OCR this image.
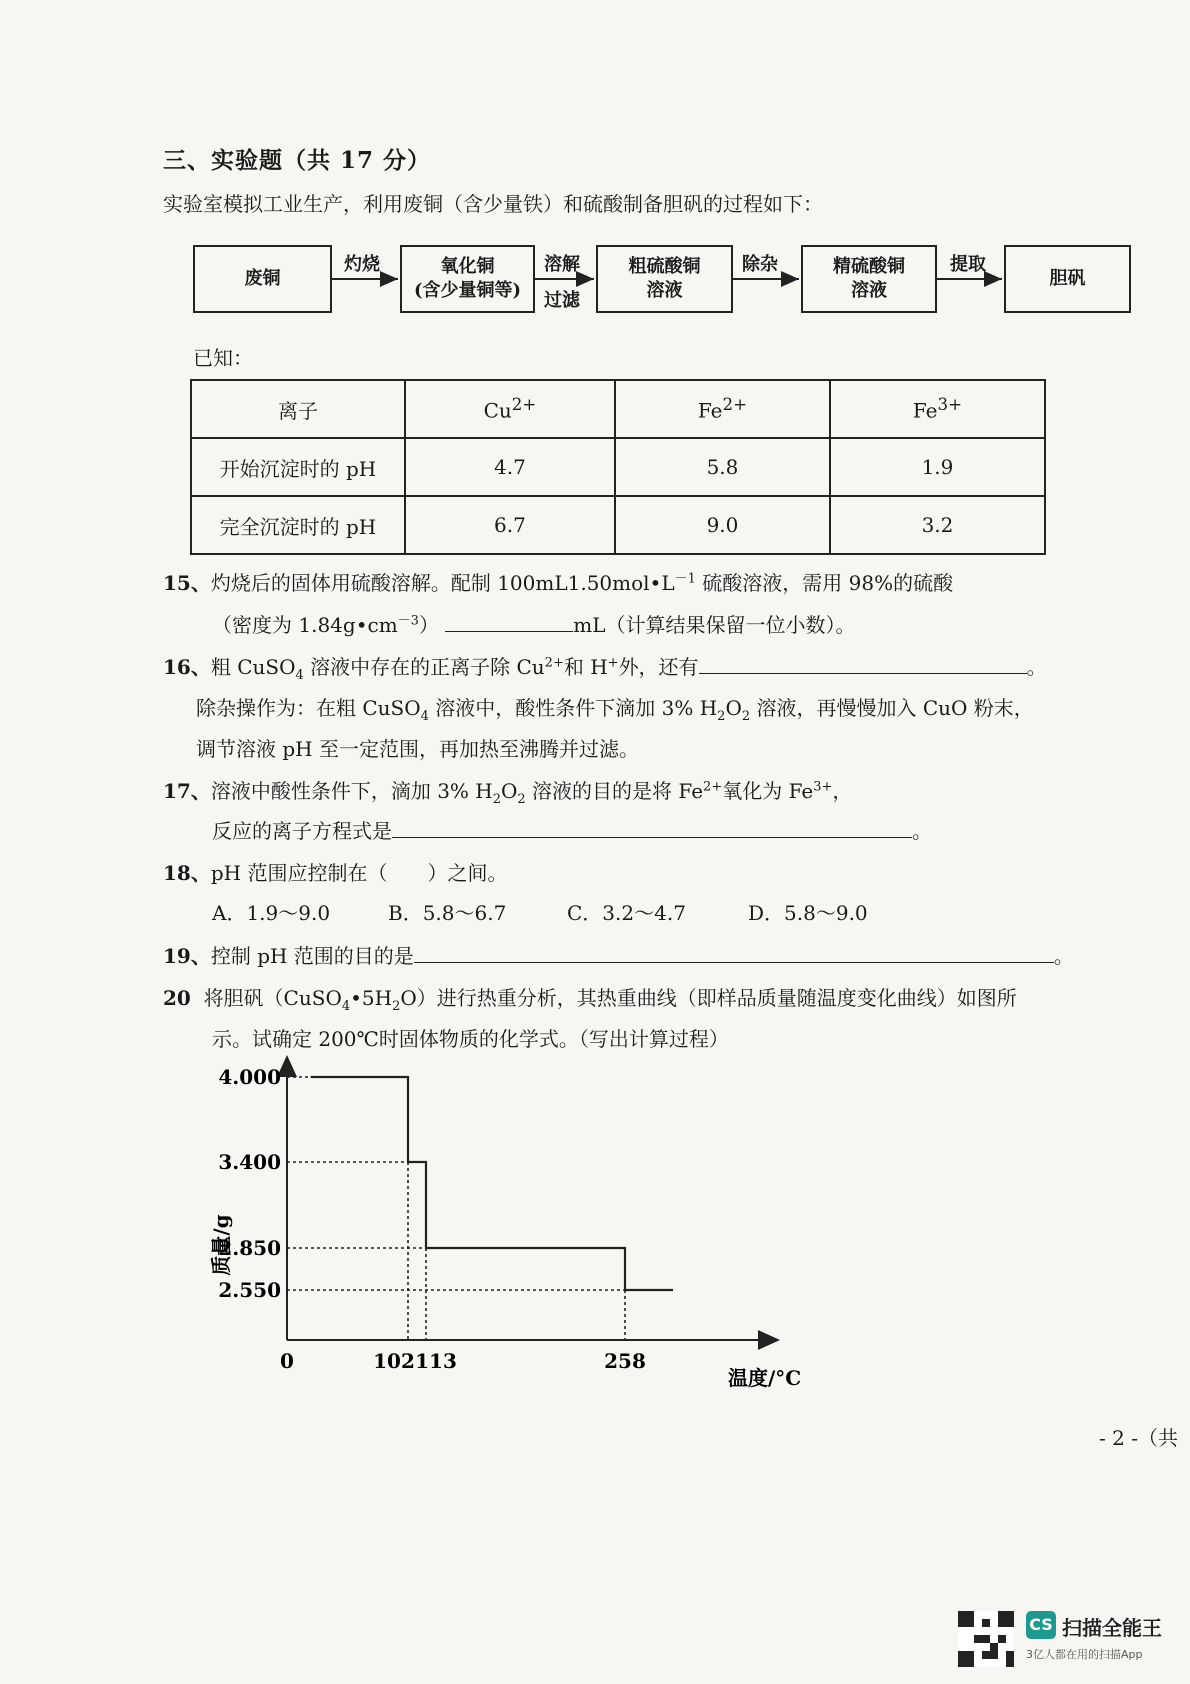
三、实验题（共 17 分）
实验室模拟工业生产，利用废铜（含少量铁）和硫酸制备胆矾的过程如下：
废铜
氧化铜
(含少量铜等)
粗硫酸铜
溶液
精硫酸铜
溶液
胆矾
灼烧	溶解
过滤
除杂	提取
已知：
离子	$Cu^{2+}$	$Fe^{2+}$	$Fe^{3+}$
开始沉淀时的 pH	4.7	5.8	1.9
完全沉淀时的 pH	6.7	9.0	3.2
15、灼烧后的固体用硫酸溶解。配制 $100mL1.50mol•L^{-1}$ 硫酸溶液，需用 98%的硫酸
（密度为 $1.84g•cm^{-3}$）	mL（计算结果保留一位小数）。
16、粗 CuSO$_4$ 溶液中存在的正离子除 $Cu^{2+}$和 H+外，还有	。
除杂操作为：在粗 CuSO$_4$ 溶液中，酸性条件下滴加 3% $H_2O_2$ 溶液，再慢慢加入 CuO 粉末，
调节溶液 pH 至一定范围，再加热至沸腾并过滤。
17、溶液中酸性条件下，滴加 3% $H_2O_2$ 溶液的目的是将 $Fe^{2+}$氧化为 $Fe^{3+}$，
反应的离子方程式是	。
18、pH 范围应控制在（　　）之间。
A．1.9～9.0	B．5.8～6.7	C．3.2～4.7	D．5.8～9.0
19、控制 pH 范围的目的是	。
20 将胆矾$(CuSO_4•5H_2O)$进行热重分析，其热重曲线（即样品质量随温度变化曲线）如图所
示。试确定 200℃时固体物质的化学式。（写出计算过程）
4.000
3.400
2.850
2.550
0	102 113	258
质量/g
温度/°C
- 2 -（共
CS 扫描全能王
3亿人都在用的扫描App
